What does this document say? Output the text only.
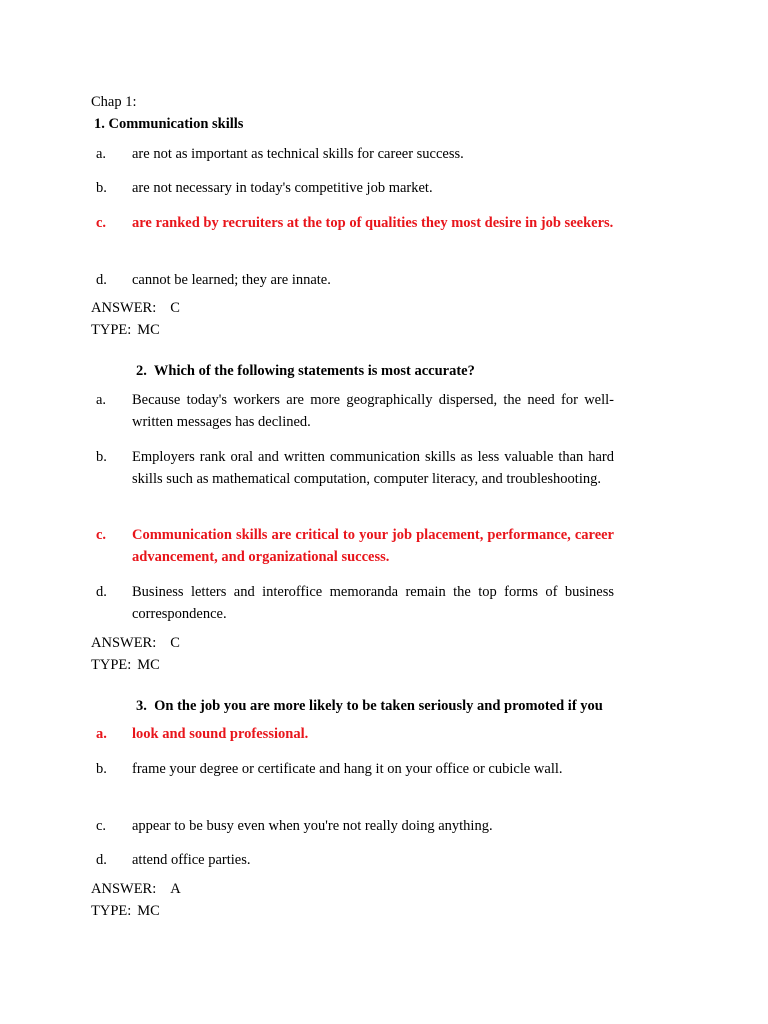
Chap 1:
1. Communication skills
a.	are not as important as technical skills for career success.
b.	are not necessary in today's competitive job market.
c.	are ranked by recruiters at the top of qualities they most desire in job seekers.
d.	cannot be learned; they are innate.
ANSWER: C
TYPE: MC
2. Which of the following statements is most accurate?
a.	Because today's workers are more geographically dispersed, the need for well-written messages has declined.
b.	Employers rank oral and written communication skills as less valuable than hard skills such as mathematical computation, computer literacy, and troubleshooting.
c.	Communication skills are critical to your job placement, performance, career advancement, and organizational success.
d.	Business letters and interoffice memoranda remain the top forms of business correspondence.
ANSWER: C
TYPE: MC
3. On the job you are more likely to be taken seriously and promoted if you
a.	look and sound professional.
b.	frame your degree or certificate and hang it on your office or cubicle wall.
c.	appear to be busy even when you're not really doing anything.
d.	attend office parties.
ANSWER: A
TYPE: MC
